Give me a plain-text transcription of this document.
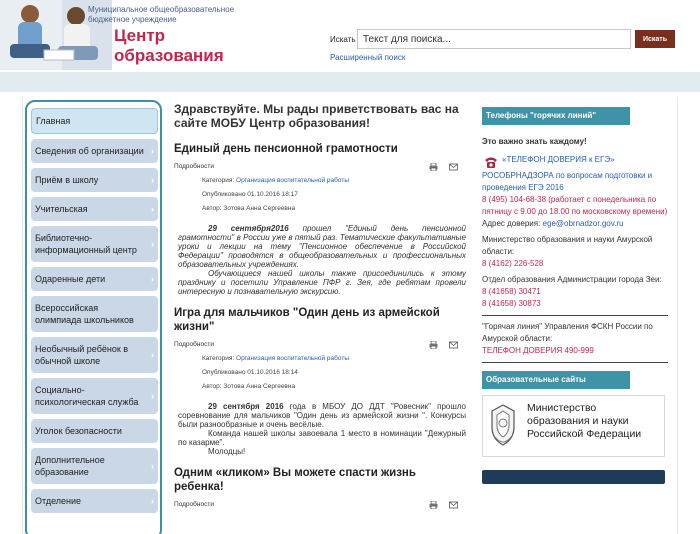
Муниципальное общеобразовательное бюджетное учреждение
Центр образования
Искать
Текст для поиска...	Искать
Расширенный поиск
Главная
Сведения об организации ›
Приём в школу	›
Учительская	›
Библиотечно-информационный центр
›
Одаренные дети	›
Всероссийская олимпиада школьников
Необычный ребёнок в обычной школе
›
Социально-психологическая служба
›
Уголок безопасности
Дополнительное образование
›
Отделение	›
Здравствуйте. Мы рады приветствовать вас на сайте МОБУ Центр образования!
Единый день пенсионной грамотности
Подробности

Категория: Организация воспитательной работы
Опубликовано 01.10.2016 18:17
Автор: Зотова Анна Сергеевна

29 сентября2016 прошел "Единый день пенсионной грамотности" в России уже в пятый раз. Тематические факультативные уроки и лекции на тему "Пенсионное обеспечение в Российской Федерации" проводятся в общеобразовательных и профессиональных образовательных учреждениях.

Обучающиеся нашей школы также присоединились к этому празднику и посетили Управление ПФР г. Зея, где ребятам провели интересную и познавательную экскурсию.

Игра для мальчиков "Один день из армейской жизни"
Подробности

Категория: Организация воспитательной работы
Опубликовано 01.10.2016 18:14
Автор: Зотова Анна Сергеевна

29 сентября 2016 года в МБОУ ДО ДДТ "Ровесник" прошло соревнование для мальчиков "Один день из армейской жизни ". Конкурсы были разнообразные и очень весёлые.

Команда нашей школы завоевала 1 место в номинации "Дежурный по казарме".

Молодцы!

Одним «кликом» Вы можете спасти жизнь ребенка!
Подробности

Телефоны "горячих линий"
Это важно знать каждому!
«ТЕЛЕФОН ДОВЕРИЯ к ЕГЭ» РОСОБРНАДЗОРА по вопросам подготовки и проведения ЕГЭ 2016
8 (495) 104-68-38 (работает с понедельника по пятницу с 9.00 до 18.00 по московскому времени)
Адрес доверия: ege@obrnadzor.gov.ru
Министерство образования и науки Амурской области:
8 (4162) 226-528
Отдел образования Администрации города Зеи:
8 (41658) 30471
8 (41658) 30873
"Горячая линия" Управления ФСКН России по Амурской области:
ТЕЛЕФОН ДОВЕРИЯ 490-999
Образовательные сайты
Министерство образования и науки Российской Федерации
